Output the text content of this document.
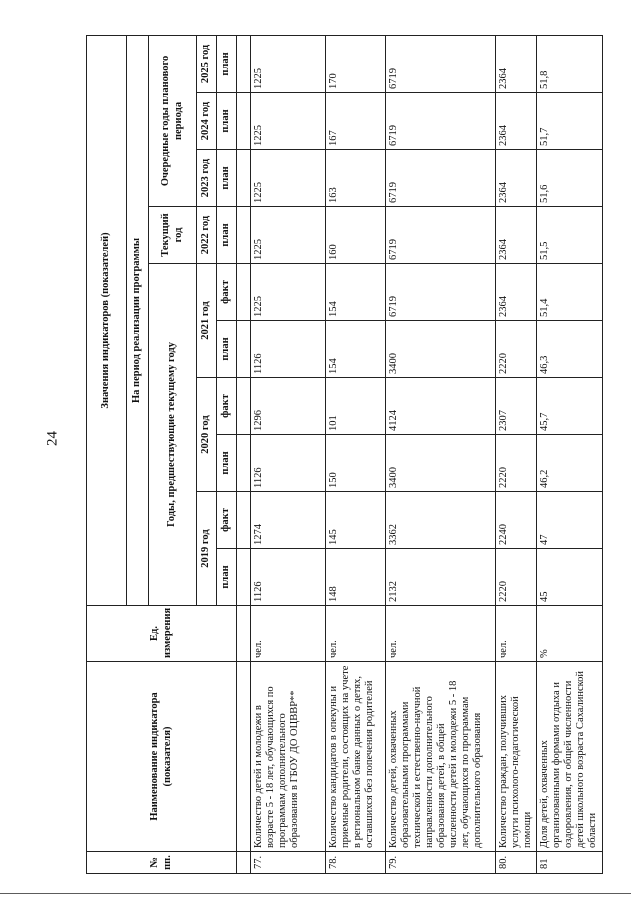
24
№ пп.	Наименование индикатора (показателя)	Ед. измерения	Значения индикаторов (показателей)									
			На период реализации программы									
			Годы, предшествующие текущему году						Текущий год	Очередные годы планового периода		
			2019 год		2020 год		2021 год		2022 год	2023 год	2024 год	2025 год
			план	факт	план	факт	план	факт	план	план	план	план

77.	Количество детей и молодежи в возрасте 5 - 18 лет, обучающихся по программам дополнительного образования в ГБОУ ДО ОЦВВР**	чел.	1126	1274	1126	1296	1126	1225	1225	1225	1225	1225
78.	Количество кандидатов в опекуны и приемные родители, состоящих на учете в региональном банке данных о детях, оставшихся без попечения родителей	чел.	148	145	150	101	154	154	160	163	167	170
79.	Количество детей, охваченных образовательными программами технической и естественно-научной направленности дополнительного образования детей, в общей численности детей и молодежи 5 - 18 лет, обучающихся по программам дополнительного образования	чел.	2132	3362	3400	4124	3400	6719	6719	6719	6719	6719
80.	Количество граждан, получивших услуги психолого-педагогической помощи	чел.	2220	2240	2220	2307	2220	2364	2364	2364	2364	2364
81	Доля детей, охваченных организованными формами отдыха и оздоровления, от общей численности детей школьного возраста Сахалинской области	%	45	47	46,2	45,7	46,3	51,4	51,5	51,6	51,7	51,8
